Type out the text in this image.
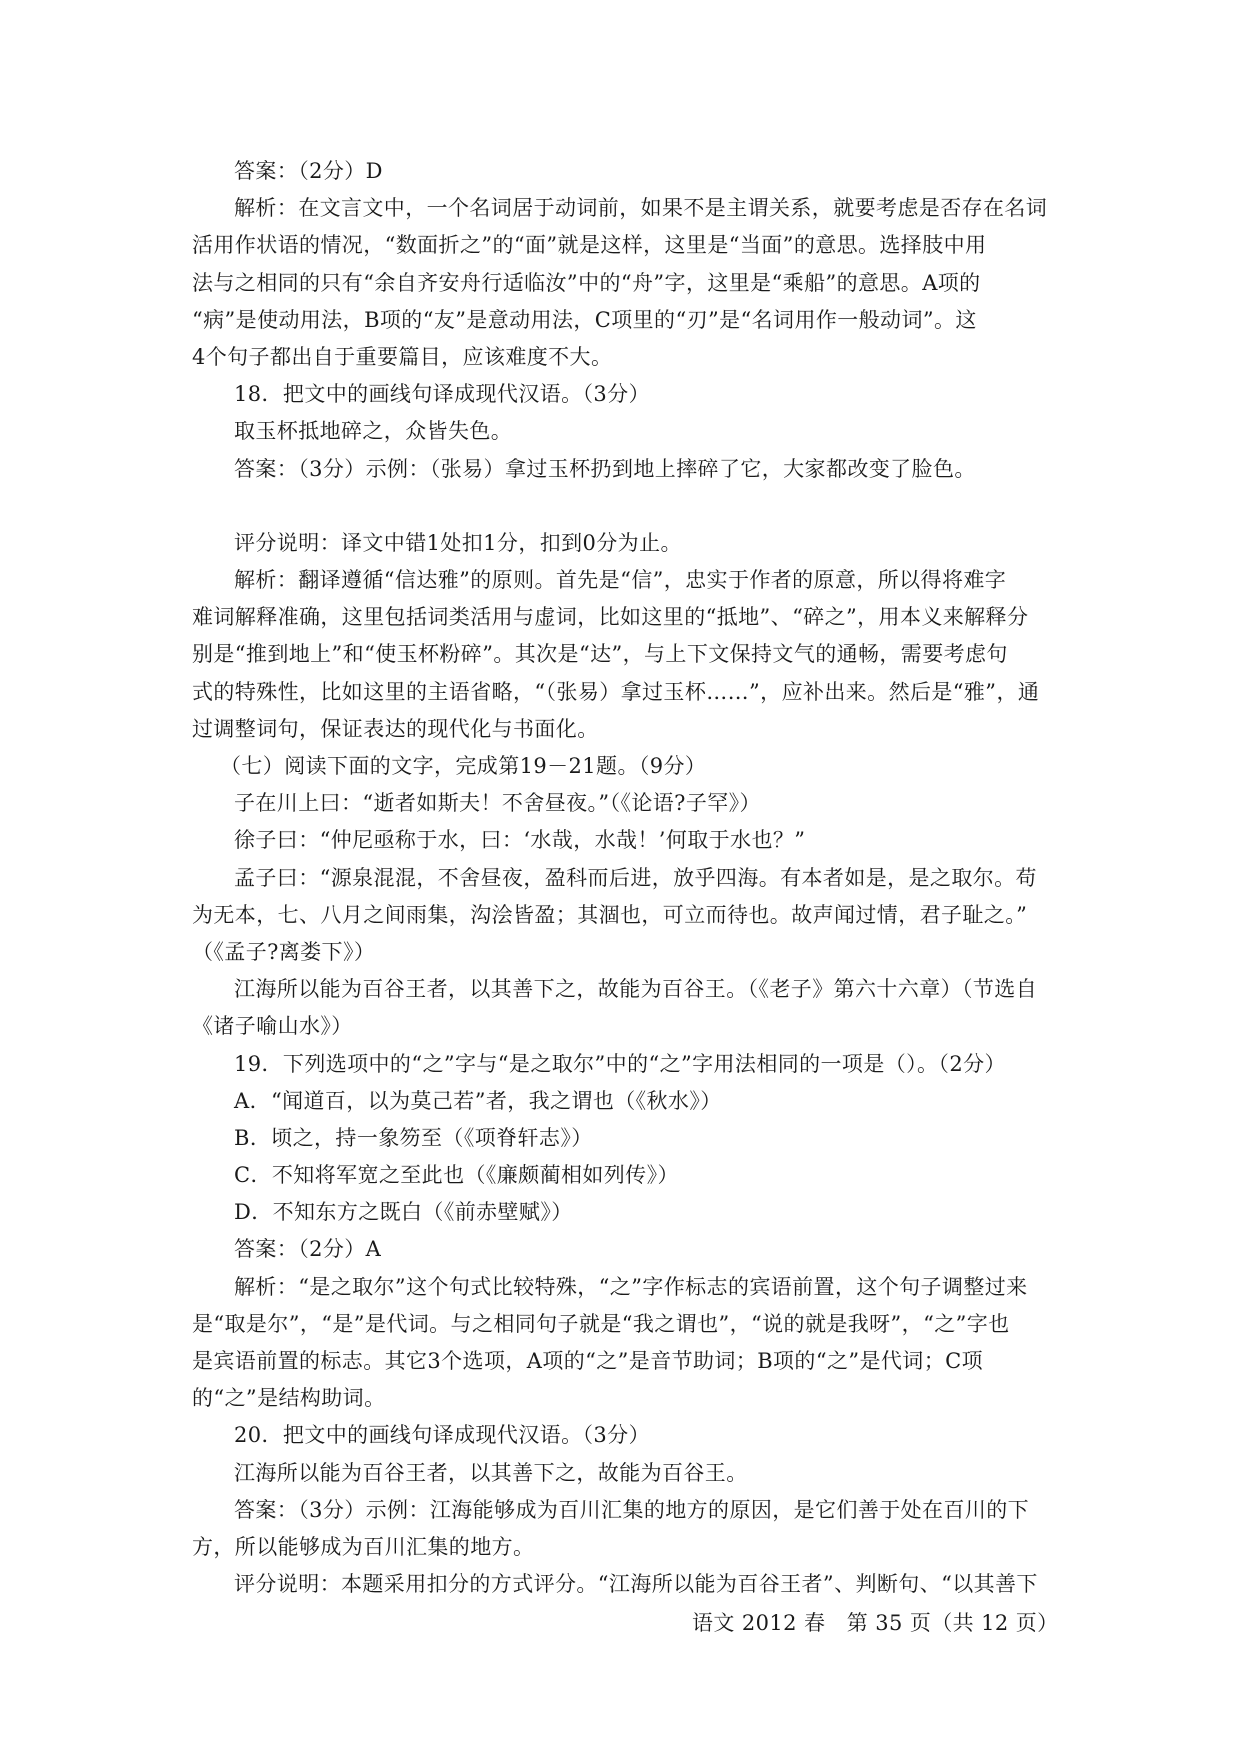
答案：（2分）D
解析：在文言文中，一个名词居于动词前，如果不是主谓关系，就要考虑是否存在名词
活用作状语的情况，“数面折之”的“面”就是这样，这里是“当面”的意思。选择肢中用
法与之相同的只有“余自齐安舟行适临汝”中的“舟”字，这里是“乘船”的意思。A项的
“病”是使动用法，B项的“友”是意动用法，C项里的“刃”是“名词用作一般动词”。这
4个句子都出自于重要篇目，应该难度不大。
18．把文中的画线句译成现代汉语。（3分）
取玉杯抵地碎之，众皆失色。
答案：（3分）示例：（张易）拿过玉杯扔到地上摔碎了它，大家都改变了脸色。
评分说明：译文中错1处扣1分，扣到0分为止。
解析：翻译遵循“信达雅”的原则。首先是“信”，忠实于作者的原意，所以得将难字
难词解释准确，这里包括词类活用与虚词，比如这里的“抵地”、“碎之”，用本义来解释分
别是“推到地上”和“使玉杯粉碎”。其次是“达”，与上下文保持文气的通畅，需要考虑句
式的特殊性，比如这里的主语省略，“（张易）拿过玉杯……”，应补出来。然后是“雅”，通
过调整词句，保证表达的现代化与书面化。
（七）阅读下面的文字，完成第19－21题。（9分）
子在川上曰：“逝者如斯夫！不舍昼夜。”（《论语?子罕》）
徐子曰：“仲尼亟称于水，曰：‘水哉，水哉！’何取于水也？”
孟子曰：“源泉混混，不舍昼夜，盈科而后进，放乎四海。有本者如是，是之取尔。苟
为无本，七、八月之间雨集，沟浍皆盈；其涸也，可立而待也。故声闻过情，君子耻之。”
（《孟子?离娄下》）
江海所以能为百谷王者，以其善下之，故能为百谷王。（《老子》第六十六章）（节选自
《诸子喻山水》）
19．下列选项中的“之”字与“是之取尔”中的“之”字用法相同的一项是（）。（2分）
A．“闻道百，以为莫己若”者，我之谓也（《秋水》）
B．顷之，持一象笏至（《项脊轩志》）
C．不知将军宽之至此也（《廉颇蔺相如列传》）
D．不知东方之既白（《前赤壁赋》）
答案：（2分）A
解析：“是之取尔”这个句式比较特殊，“之”字作标志的宾语前置，这个句子调整过来
是“取是尔”，“是”是代词。与之相同句子就是“我之谓也”，“说的就是我呀”，“之”字也
是宾语前置的标志。其它3个选项，A项的“之”是音节助词；B项的“之”是代词；C项
的“之”是结构助词。
20．把文中的画线句译成现代汉语。（3分）
江海所以能为百谷王者，以其善下之，故能为百谷王。
答案：（3分）示例：江海能够成为百川汇集的地方的原因，是它们善于处在百川的下
方，所以能够成为百川汇集的地方。
评分说明：本题采用扣分的方式评分。“江海所以能为百谷王者”、判断句、“以其善下
语文 2012 春　第 35 页（共 12 页）
